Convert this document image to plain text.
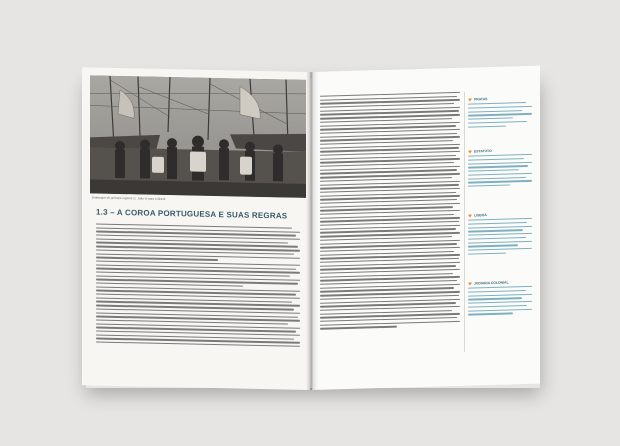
Embarque do príncipe regente D. João VI para o Brasil.
1.3 – A COROA PORTUGUESA E SUAS REGRAS
PRATAS
ESTATUTO
LISBOA
JUDIARIA COLONIAL
